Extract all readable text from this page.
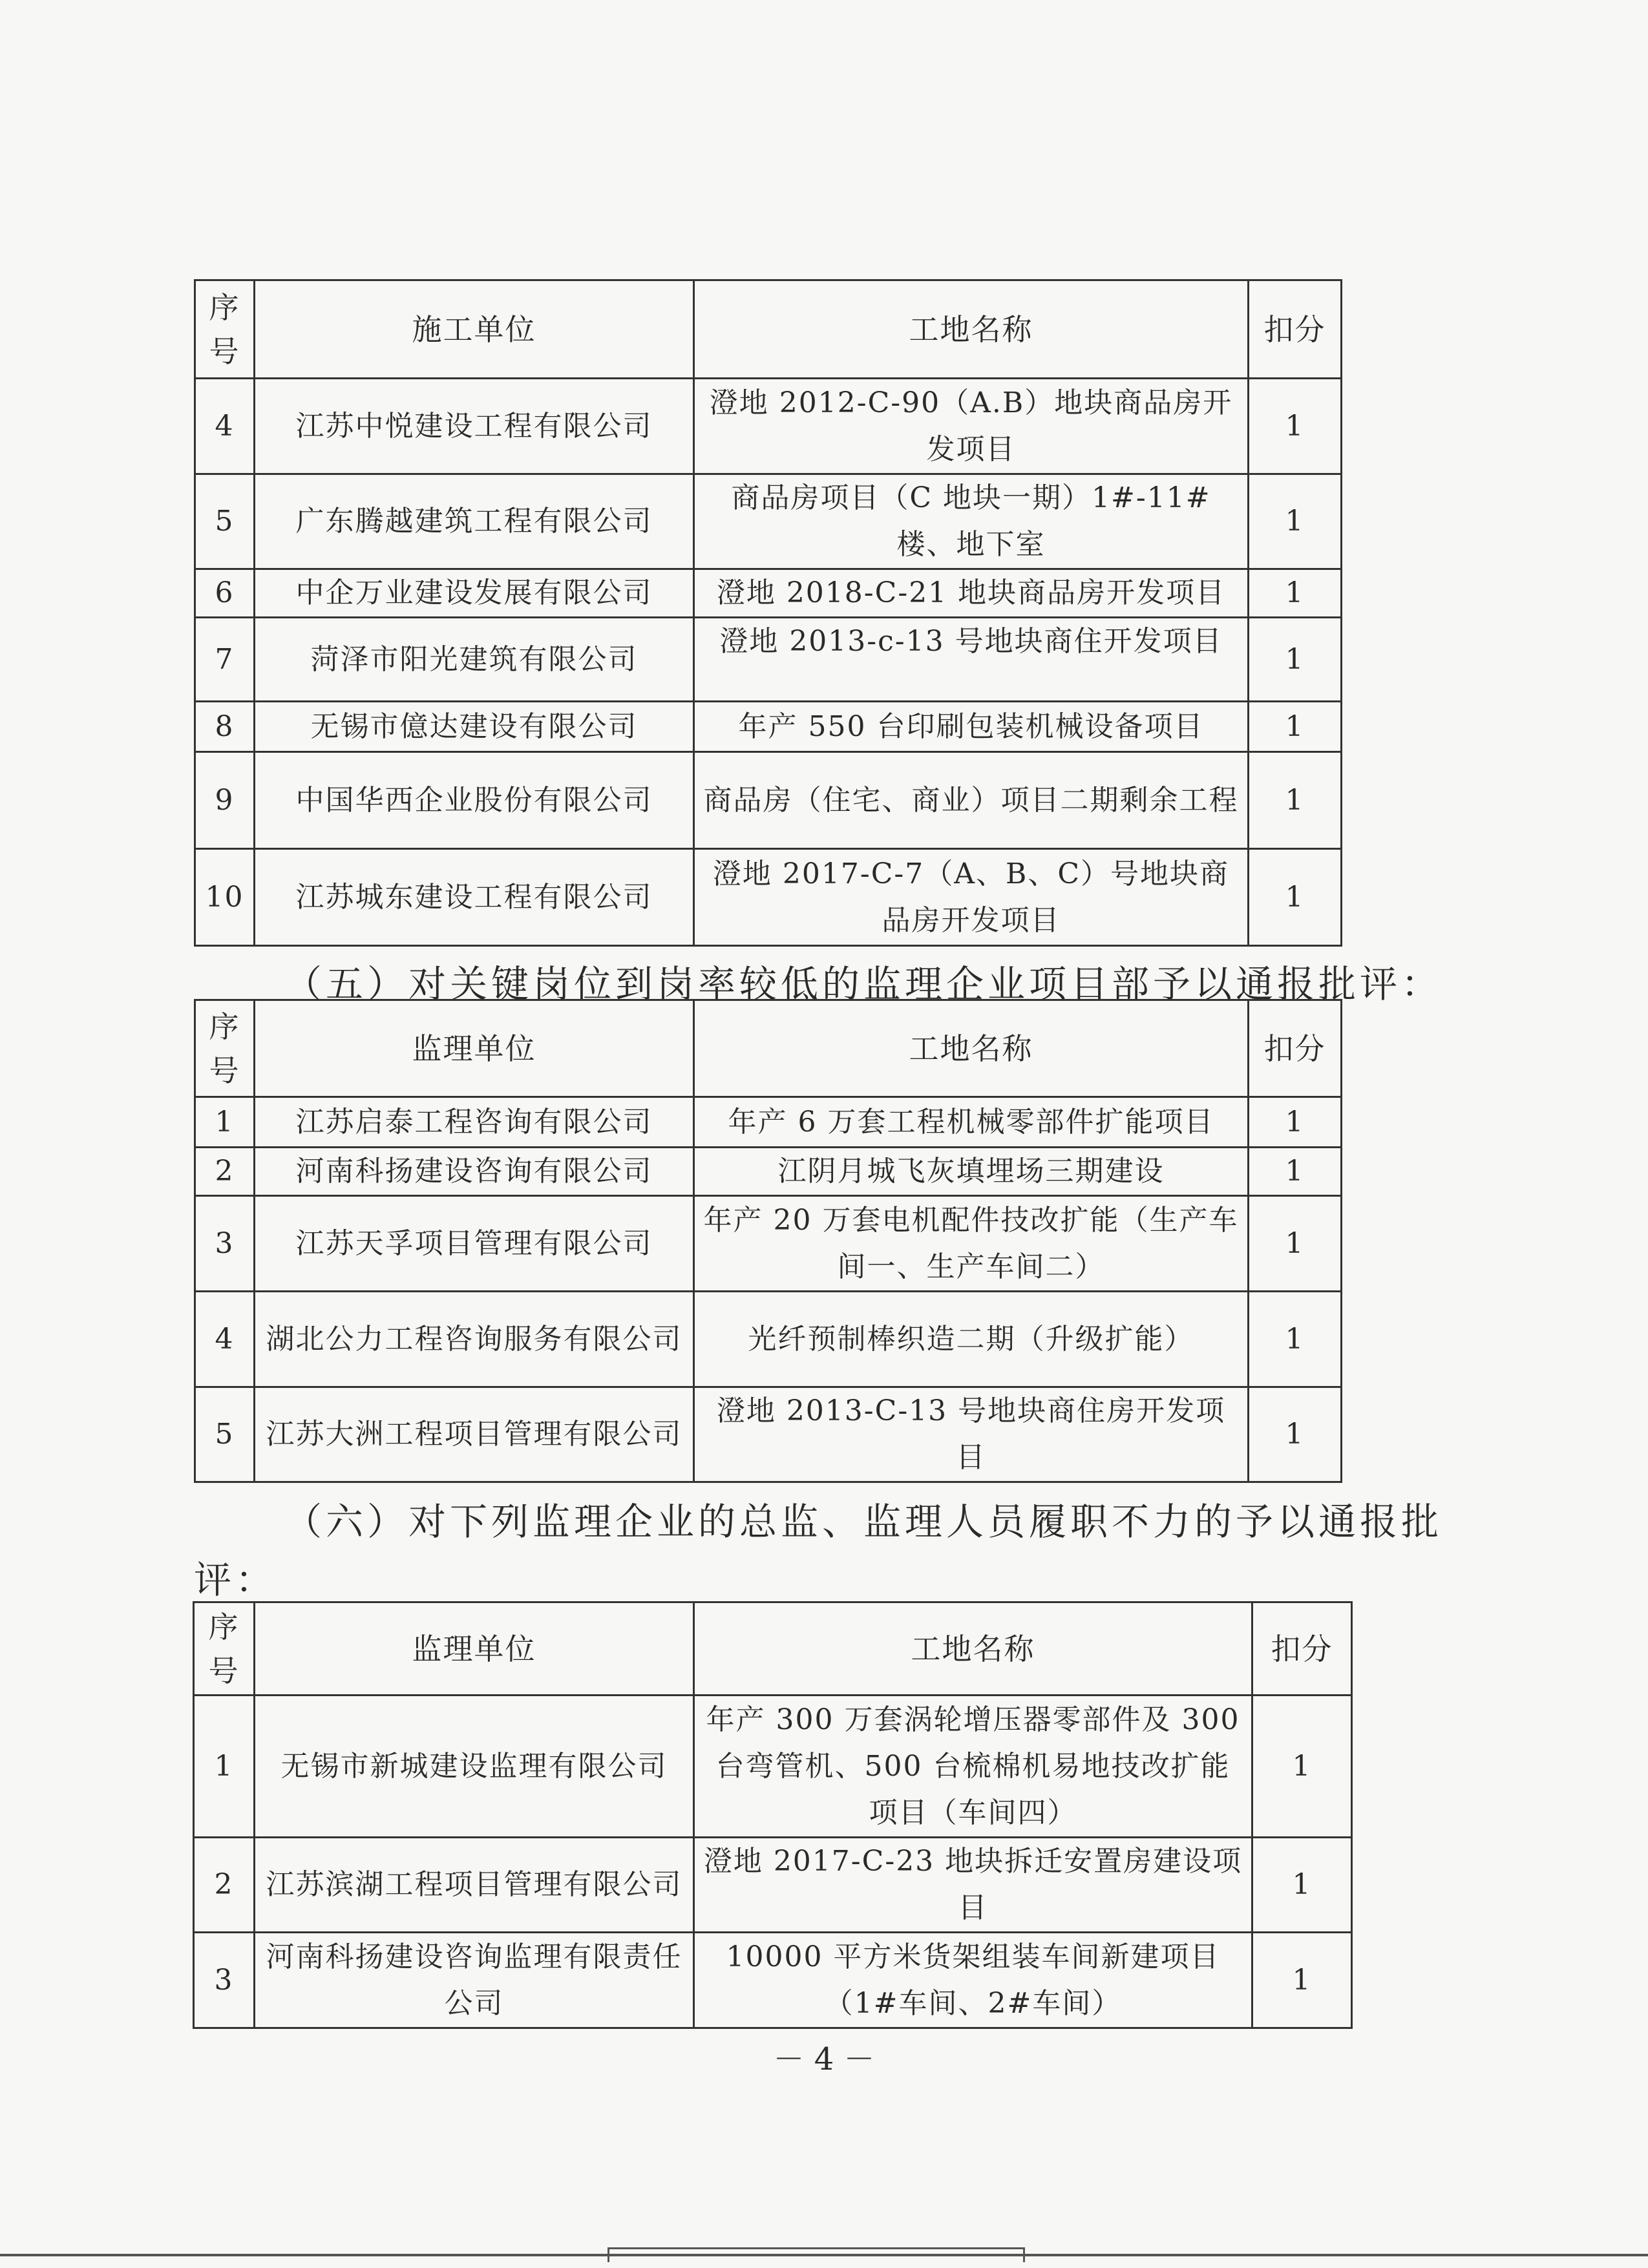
序号	施工单位	工地名称	扣分
4	江苏中悦建设工程有限公司	澄地 2012-C-90（A.B）地块商品房开发项目	1
5	广东腾越建筑工程有限公司	商品房项目（C 地块一期）1#-11#楼、地下室	1
6	中企万业建设发展有限公司	澄地 2018-C-21 地块商品房开发项目	1
7	菏泽市阳光建筑有限公司	澄地 2013-c-13 号地块商住开发项目	1
8	无锡市億达建设有限公司	年产 550 台印刷包装机械设备项目	1
9	中国华西企业股份有限公司	商品房（住宅、商业）项目二期剩余工程	1
10	江苏城东建设工程有限公司	澄地 2017-C-7（A、B、C）号地块商品房开发项目	1
（五）对关键岗位到岗率较低的监理企业项目部予以通报批评：
序号	监理单位	工地名称	扣分
1	江苏启泰工程咨询有限公司	年产 6 万套工程机械零部件扩能项目	1
2	河南科扬建设咨询有限公司	江阴月城飞灰填埋场三期建设	1
3	江苏天孚项目管理有限公司	年产 20 万套电机配件技改扩能（生产车间一、生产车间二）	1
4	湖北公力工程咨询服务有限公司	光纤预制棒织造二期（升级扩能）	1
5	江苏大洲工程项目管理有限公司	澄地 2013-C-13 号地块商住房开发项目	1
（六）对下列监理企业的总监、监理人员履职不力的予以通报批
评：
序号	监理单位	工地名称	扣分
1	无锡市新城建设监理有限公司	年产 300 万套涡轮增压器零部件及 300 台弯管机、500 台梳棉机易地技改扩能项目（车间四）	1
2	江苏滨湖工程项目管理有限公司	澄地 2017-C-23 地块拆迁安置房建设项目	1
3	河南科扬建设咨询监理有限责任公司	10000 平方米货架组装车间新建项目（1#车间、2#车间）	1
－ 4 －
